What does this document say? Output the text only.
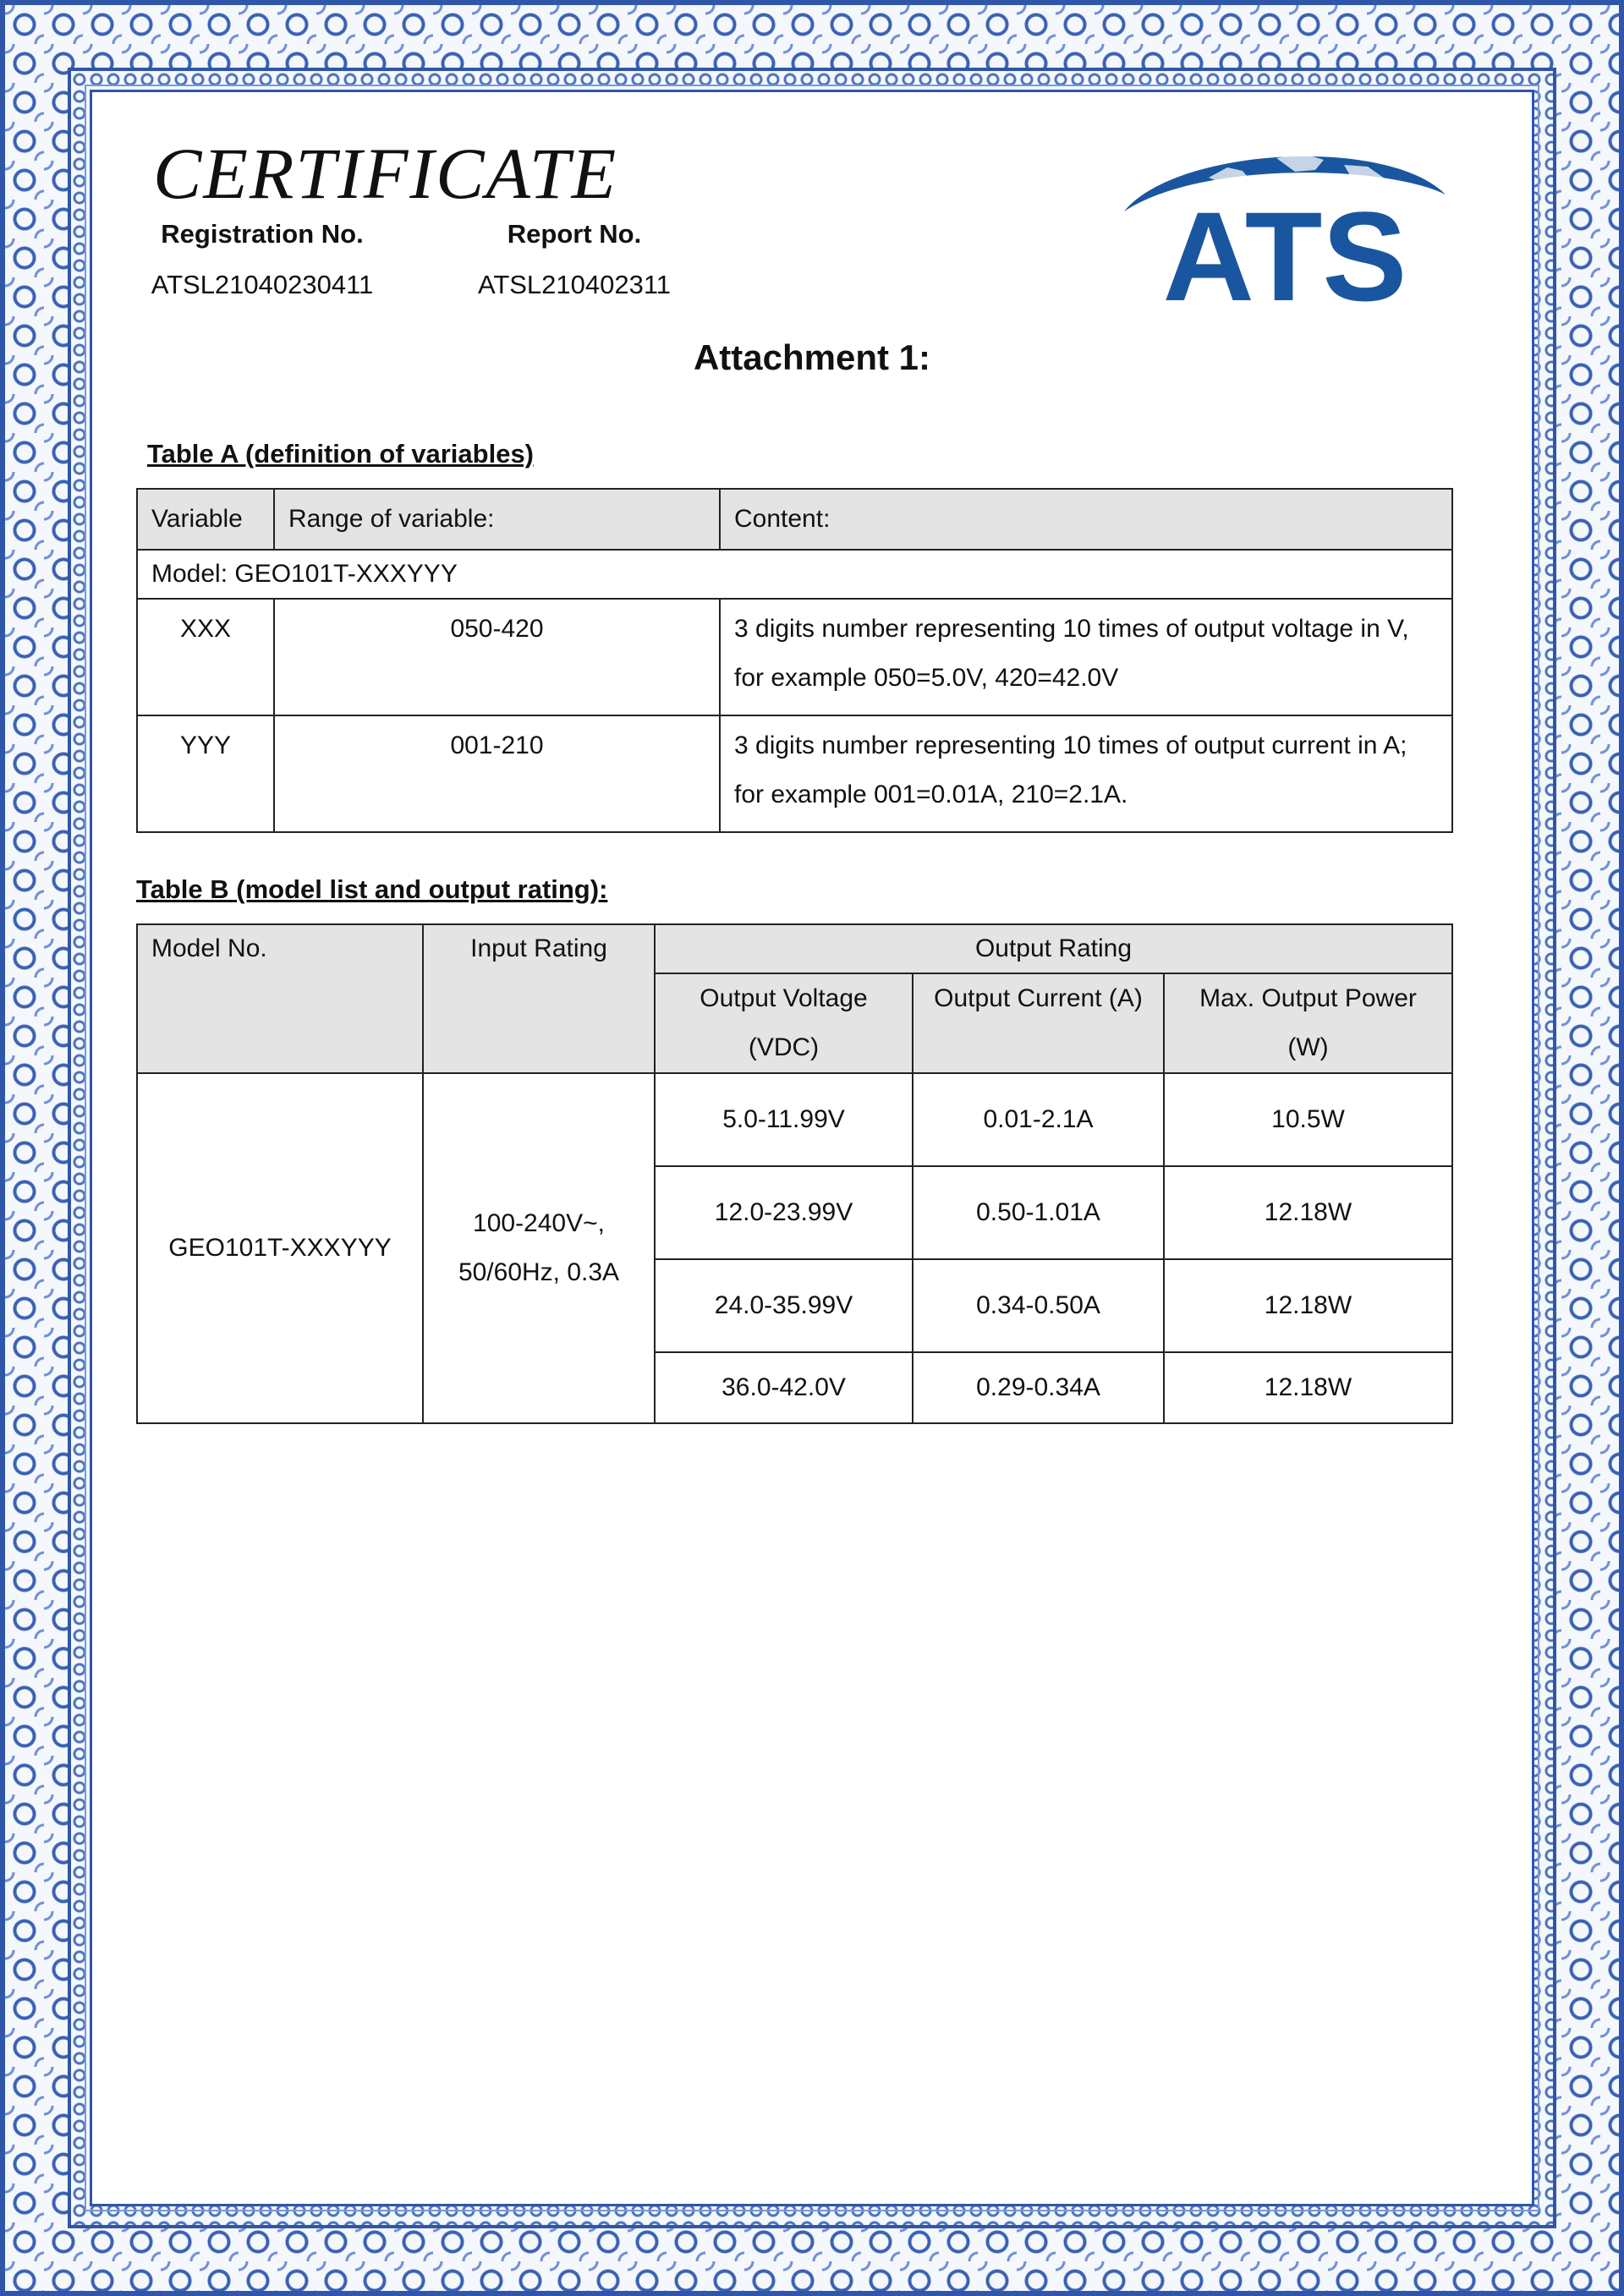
CERTIFICATE
Registration No.
ATSL21040230411
Report No.
ATSL210402311	ATS
Attachment 1:
Table A (definition of variables)
Variable	Range of variable:	Content:
Model: GEO101T-XXXYYY		
XXX	050-420	3 digits number representing 10 times of output voltage in V, for example 050=5.0V, 420=42.0V
YYY	001-210	3 digits number representing 10 times of output current in A; for example 001=0.01A, 210=2.1A.
Table B (model list and output rating):
Model No.	Input Rating	Output Rating		
		Output Voltage (VDC)	Output Current (A)	Max. Output Power (W)
GEO101T-XXXYYY	100-240V~, 50/60Hz, 0.3A	5.0-11.99V	0.01-2.1A	10.5W
		12.0-23.99V	0.50-1.01A	12.18W
		24.0-35.99V	0.34-0.50A	12.18W
		36.0-42.0V	0.29-0.34A	12.18W
